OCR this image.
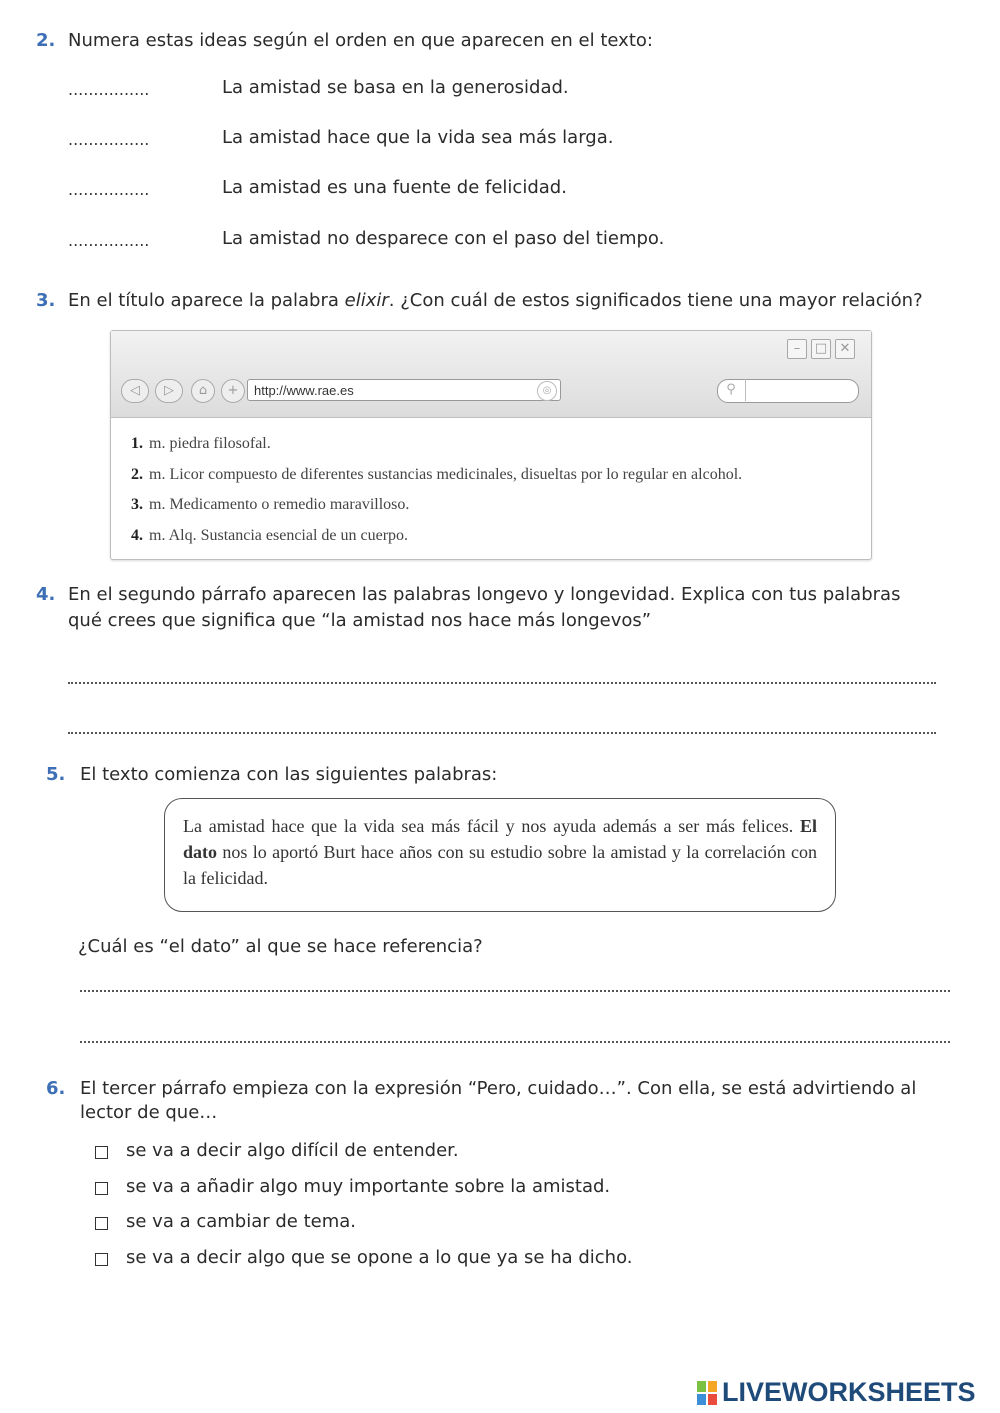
2. Numera estas ideas según el orden en que aparecen en el texto:
................	La amistad se basa en la generosidad.
................	La amistad hace que la vida sea más larga.
................	La amistad es una fuente de felicidad.
................	La amistad no desparece con el paso del tiempo.
3. En el título aparece la palabra elixir. ¿Con cuál de estos significados tiene una mayor relación?
–	□ ✕
◁	▷	⌂	+	http://www.rae.es	◎	⚲
1. m. piedra filosofal.
2. m. Licor compuesto de diferentes sustancias medicinales, disueltas por lo regular en alcohol.
3. m. Medicamento o remedio maravilloso.
4. m. Alq. Sustancia esencial de un cuerpo.
4. En el segundo párrafo aparecen las palabras longevo y longevidad. Explica con tus palabras
qué crees que significa que “la amistad nos hace más longevos”
5. El texto comienza con las siguientes palabras:

La amistad hace que la vida sea más fácil y nos ayuda además a ser más felices. El dato nos lo aportó Burt hace años con su estudio sobre la amistad y la correlación con la felicidad.

¿Cuál es “el dato” al que se hace referencia?
6. El tercer párrafo empieza con la expresión “Pero, cuidado…”. Con ella, se está advirtiendo al
lector de que…
se va a decir algo difícil de entender.
se va a añadir algo muy importante sobre la amistad.
se va a cambiar de tema.
se va a decir algo que se opone a lo que ya se ha dicho.
LIVEWORKSHEETS
